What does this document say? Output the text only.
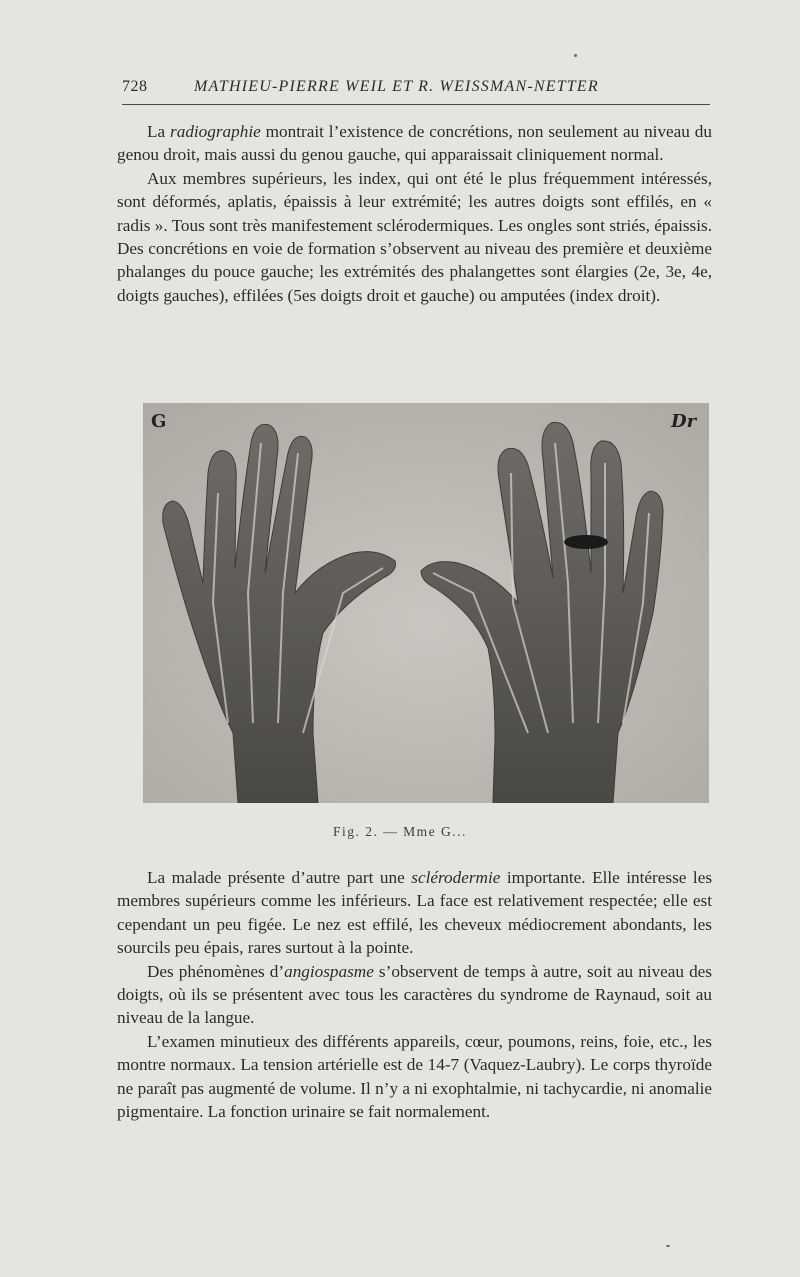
728	MATHIEU-PIERRE WEIL ET R. WEISSMAN-NETTER

La radiographie montrait l’existence de concrétions, non seulement au niveau du genou droit, mais aussi du genou gauche, qui apparaissait cliniquement normal.

Aux membres supérieurs, les index, qui ont été le plus fréquemment intéressés, sont déformés, aplatis, épaissis à leur extrémité; les autres doigts sont effilés, en « radis ». Tous sont très manifestement sclérodermiques. Les ongles sont striés, épaissis. Des concrétions en voie de formation s’observent au niveau des première et deuxième phalanges du pouce gauche; les extrémités des phalangettes sont élargies (2e, 3e, 4e, doigts gauches), effilées (5es doigts droit et gauche) ou amputées (index droit).

G	Dr
Fig. 2. — Mme G...

La malade présente d’autre part une sclérodermie importante. Elle intéresse les membres supérieurs comme les inférieurs. La face est relativement respectée; elle est cependant un peu figée. Le nez est effilé, les cheveux médiocrement abondants, les sourcils peu épais, rares surtout à la pointe.

Des phénomènes d’angiospasme s’observent de temps à autre, soit au niveau des doigts, où ils se présentent avec tous les caractères du syndrome de Raynaud, soit au niveau de la langue.

L’examen minutieux des différents appareils, cœur, poumons, reins, foie, etc., les montre normaux. La tension artérielle est de 14-7 (Vaquez-Laubry). Le corps thyroïde ne paraît pas augmenté de volume. Il n’y a ni exophtalmie, ni tachycardie, ni anomalie pigmentaire. La fonction urinaire se fait normalement.
